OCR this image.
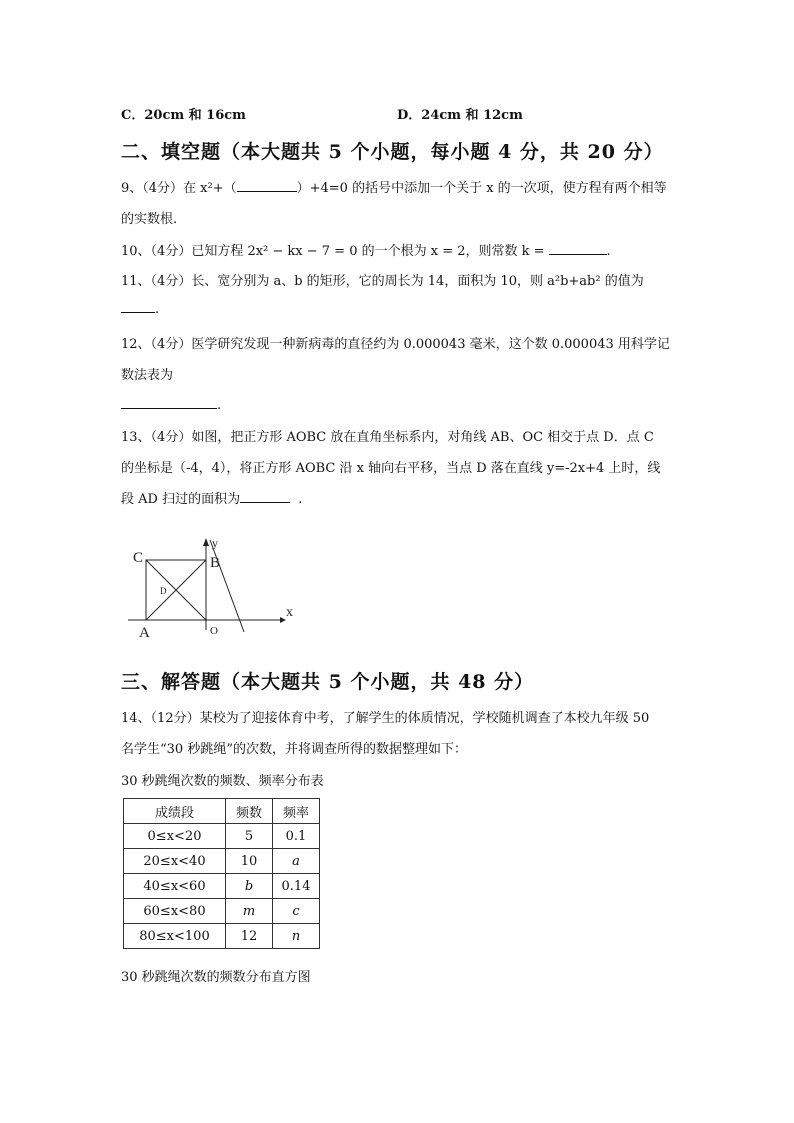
C．20cm 和 16cm	D．24cm 和 12cm
二、填空题（本大题共 5 个小题，每小题 4 分，共 20 分）
9、（4分）在 x²+（	）+4=0 的括号中添加一个关于 x 的一次项，使方程有两个相等
的实数根.
10、（4分）已知方程 2x² − kx − 7 = 0 的一个根为 x = 2，则常数 k =	.
11、（4分）长、宽分别为 a、b 的矩形，它的周长为 14，面积为 10，则 a²b+ab² 的值为
.
12、（4分）医学研究发现一种新病毒的直径约为 0.000043 毫米，这个数 0.000043 用科学记
数法表为
.
13、（4分）如图，把正方形 AOBC 放在直角坐标系内，对角线 AB、OC 相交于点 D．点 C
的坐标是（-4，4），将正方形 AOBC 沿 x 轴向右平移，当点 D 落在直线 y=-2x+4 上时，线
段 AD 扫过的面积为	.
C	B
y
D
x
A	O
三、解答题（本大题共 5 个小题，共 48 分）
14、（12分）某校为了迎接体育中考，了解学生的体质情况，学校随机调查了本校九年级 50
名学生“30 秒跳绳”的次数，并将调查所得的数据整理如下：
30 秒跳绳次数的频数、频率分布表
成绩段	频数	频率
0≤x<20	5	0.1
20≤x<40	10	a
40≤x<60	b	0.14
60≤x<80	m	c
80≤x<100	12	n
30 秒跳绳次数的频数分布直方图
